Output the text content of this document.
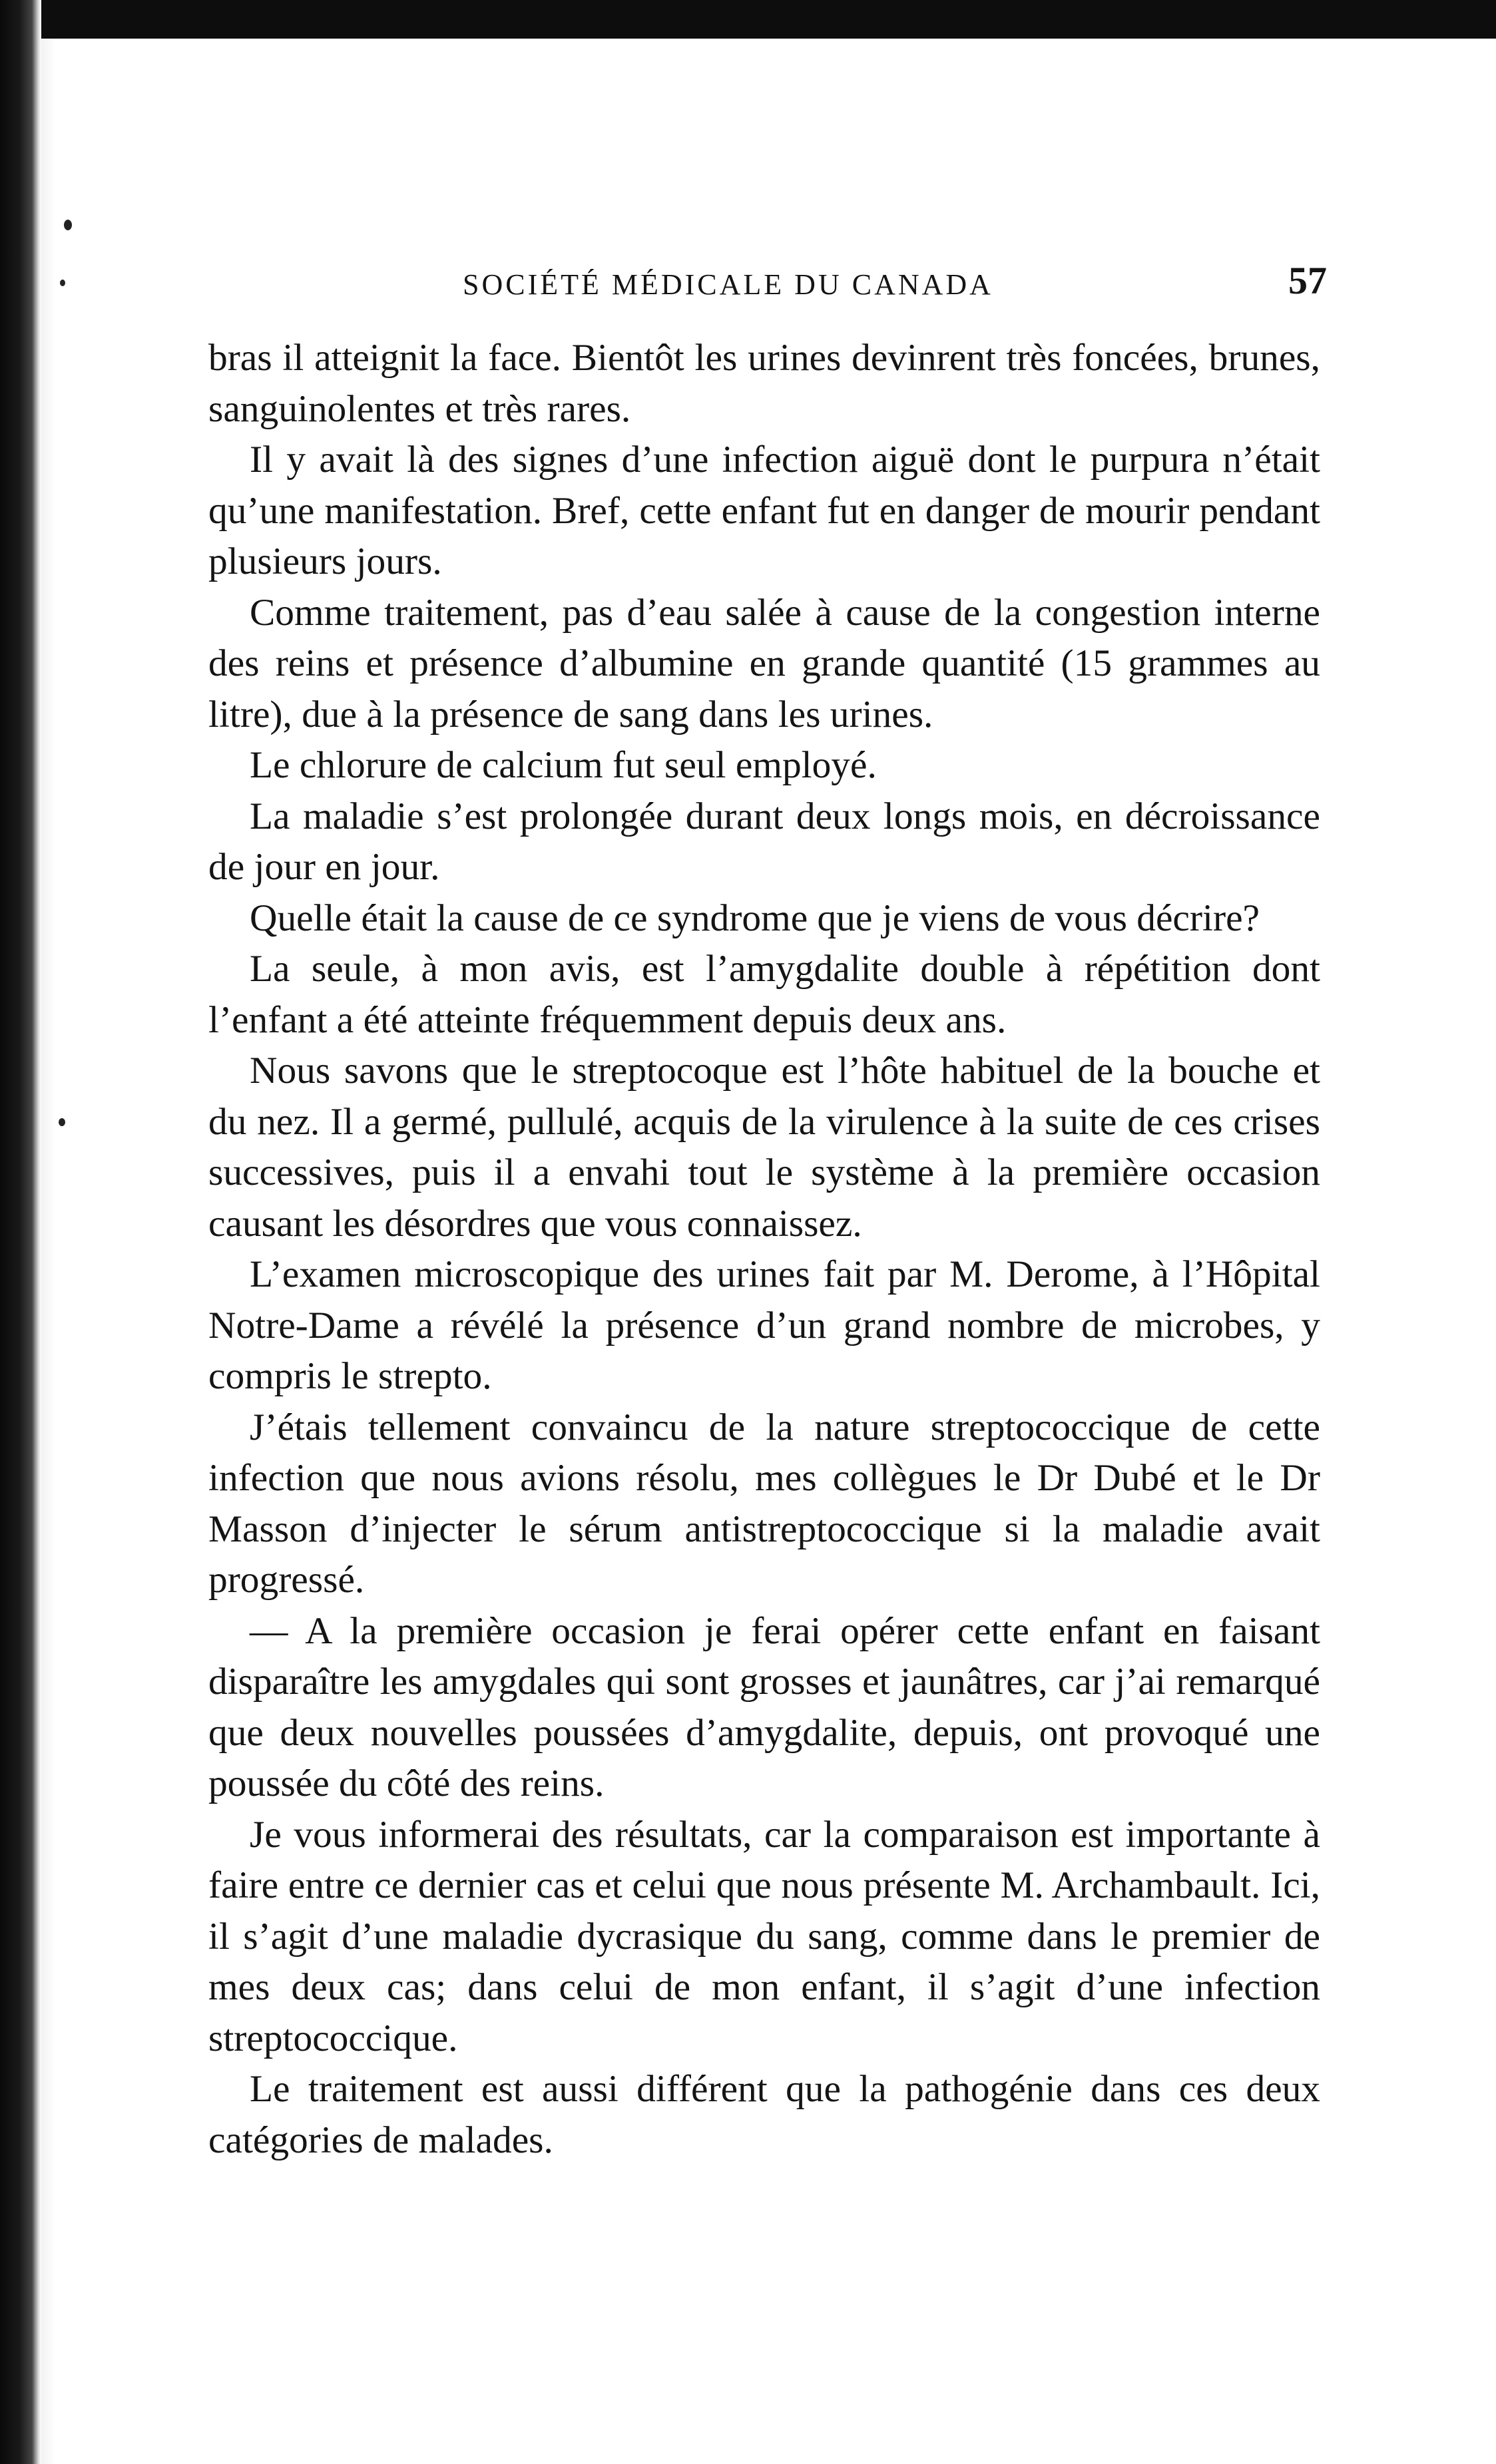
SOCIÉTÉ MÉDICALE DU CANADA	57

bras il atteignit la face. Bientôt les urines devinrent très foncées, brunes, sanguinolentes et très rares.

Il y avait là des signes d’une infection aiguë dont le purpura n’était qu’une manifestation. Bref, cette enfant fut en danger de mourir pendant plusieurs jours.

Comme traitement, pas d’eau salée à cause de la congestion interne des reins et présence d’albumine en grande quantité (15 grammes au litre), due à la présence de sang dans les urines.

Le chlorure de calcium fut seul employé.

La maladie s’est prolongée durant deux longs mois, en décroissance de jour en jour.

Quelle était la cause de ce syndrome que je viens de vous décrire?

La seule, à mon avis, est l’amygdalite double à répétition dont l’enfant a été atteinte fréquemment depuis deux ans.

Nous savons que le streptocoque est l’hôte habituel de la bouche et du nez. Il a germé, pullulé, acquis de la virulence à la suite de ces crises successives, puis il a envahi tout le système à la première occasion causant les désordres que vous connaissez.

L’examen microscopique des urines fait par M. Derome, à l’Hôpital Notre-Dame a révélé la présence d’un grand nombre de microbes, y compris le strepto.

J’étais tellement convaincu de la nature streptococcique de cette infection que nous avions résolu, mes collègues le Dr Dubé et le Dr Masson d’injecter le sérum antistreptococcique si la maladie avait progressé.

— A la première occasion je ferai opérer cette enfant en faisant disparaître les amygdales qui sont grosses et jaunâtres, car j’ai remarqué que deux nouvelles poussées d’amygdalite, depuis, ont provoqué une poussée du côté des reins.

Je vous informerai des résultats, car la comparaison est importante à faire entre ce dernier cas et celui que nous présente M. Archambault. Ici, il s’agit d’une maladie dycrasique du sang, comme dans le premier de mes deux cas; dans celui de mon enfant, il s’agit d’une infection streptococcique.

Le traitement est aussi différent que la pathogénie dans ces deux catégories de malades.
